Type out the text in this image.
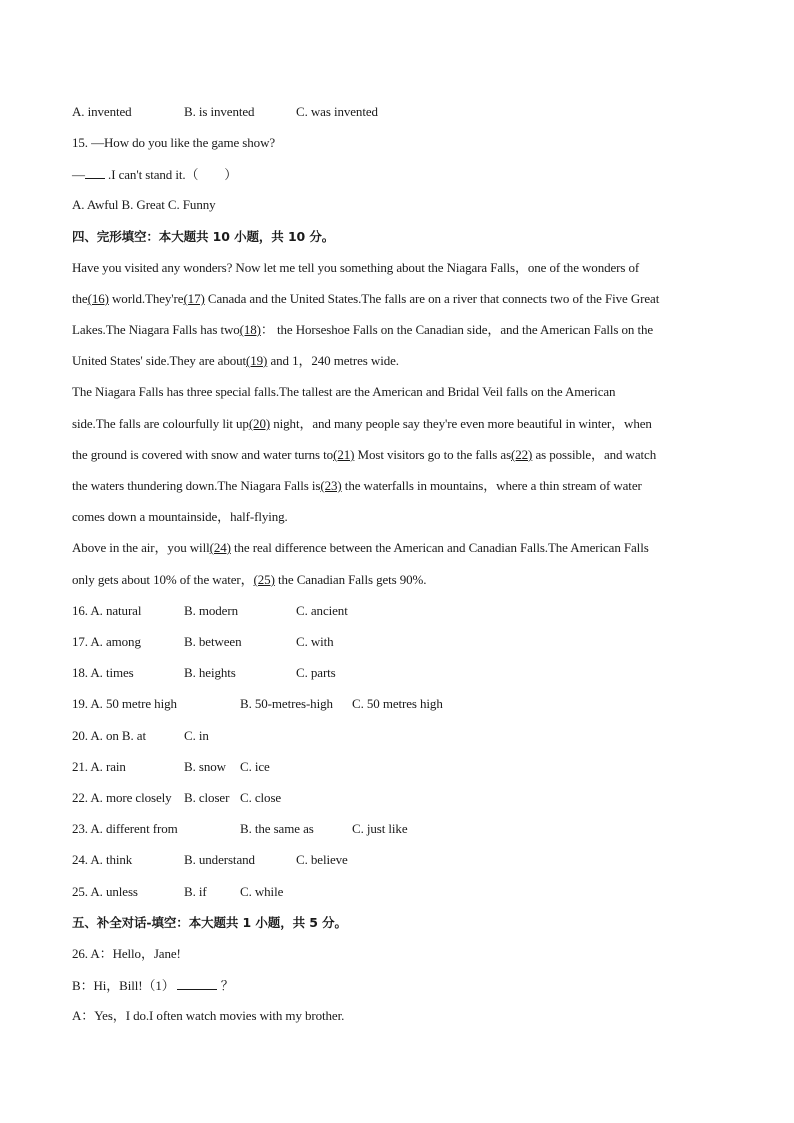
A. invented	B. is invented	C. was invented
15. —How do you like the game show?
— .I can't stand it.（　　）
A. Awful B. Great C. Funny
四、完形填空：本大题共 10 小题，共 10 分。
Have you visited any wonders? Now let me tell you something about the Niagara Falls，one of the wonders of
the(16) world.They're(17) Canada and the United States.The falls are on a river that connects two of the Five Great
Lakes.The Niagara Falls has two(18)： the Horseshoe Falls on the Canadian side，and the American Falls on the
United States' side.They are about(19) and 1，240 metres wide.
The Niagara Falls has three special falls.The tallest are the American and Bridal Veil falls on the American
side.The falls are colourfully lit up(20) night，and many people say they're even more beautiful in winter，when
the ground is covered with snow and water turns to(21) Most visitors go to the falls as(22) as possible，and watch
the waters thundering down.The Niagara Falls is(23) the waterfalls in mountains，where a thin stream of water
comes down a mountainside，half-flying.
Above in the air，you will(24) the real difference between the American and Canadian Falls.The American Falls
only gets about 10% of the water，(25) the Canadian Falls gets 90%.
16. A. natural	B. modern	C. ancient
17. A. among	B. between	C. with
18. A. times	B. heights	C. parts
19. A. 50 metre high	B. 50-metres-high C. 50 metres high
20. A. on B. at	C. in
21. A. rain	B. snow C. ice
22. A. more closely B. closer C. close
23. A. different from	B. the same as	C. just like
24. A. think	B. understand	C. believe
25. A. unless	B. if	C. while
五、补全对话-填空：本大题共 1 小题，共 5 分。
26. A：Hello，Jane!
B：Hi，Bill!（1）	？
A：Yes，I do.I often watch movies with my brother.
